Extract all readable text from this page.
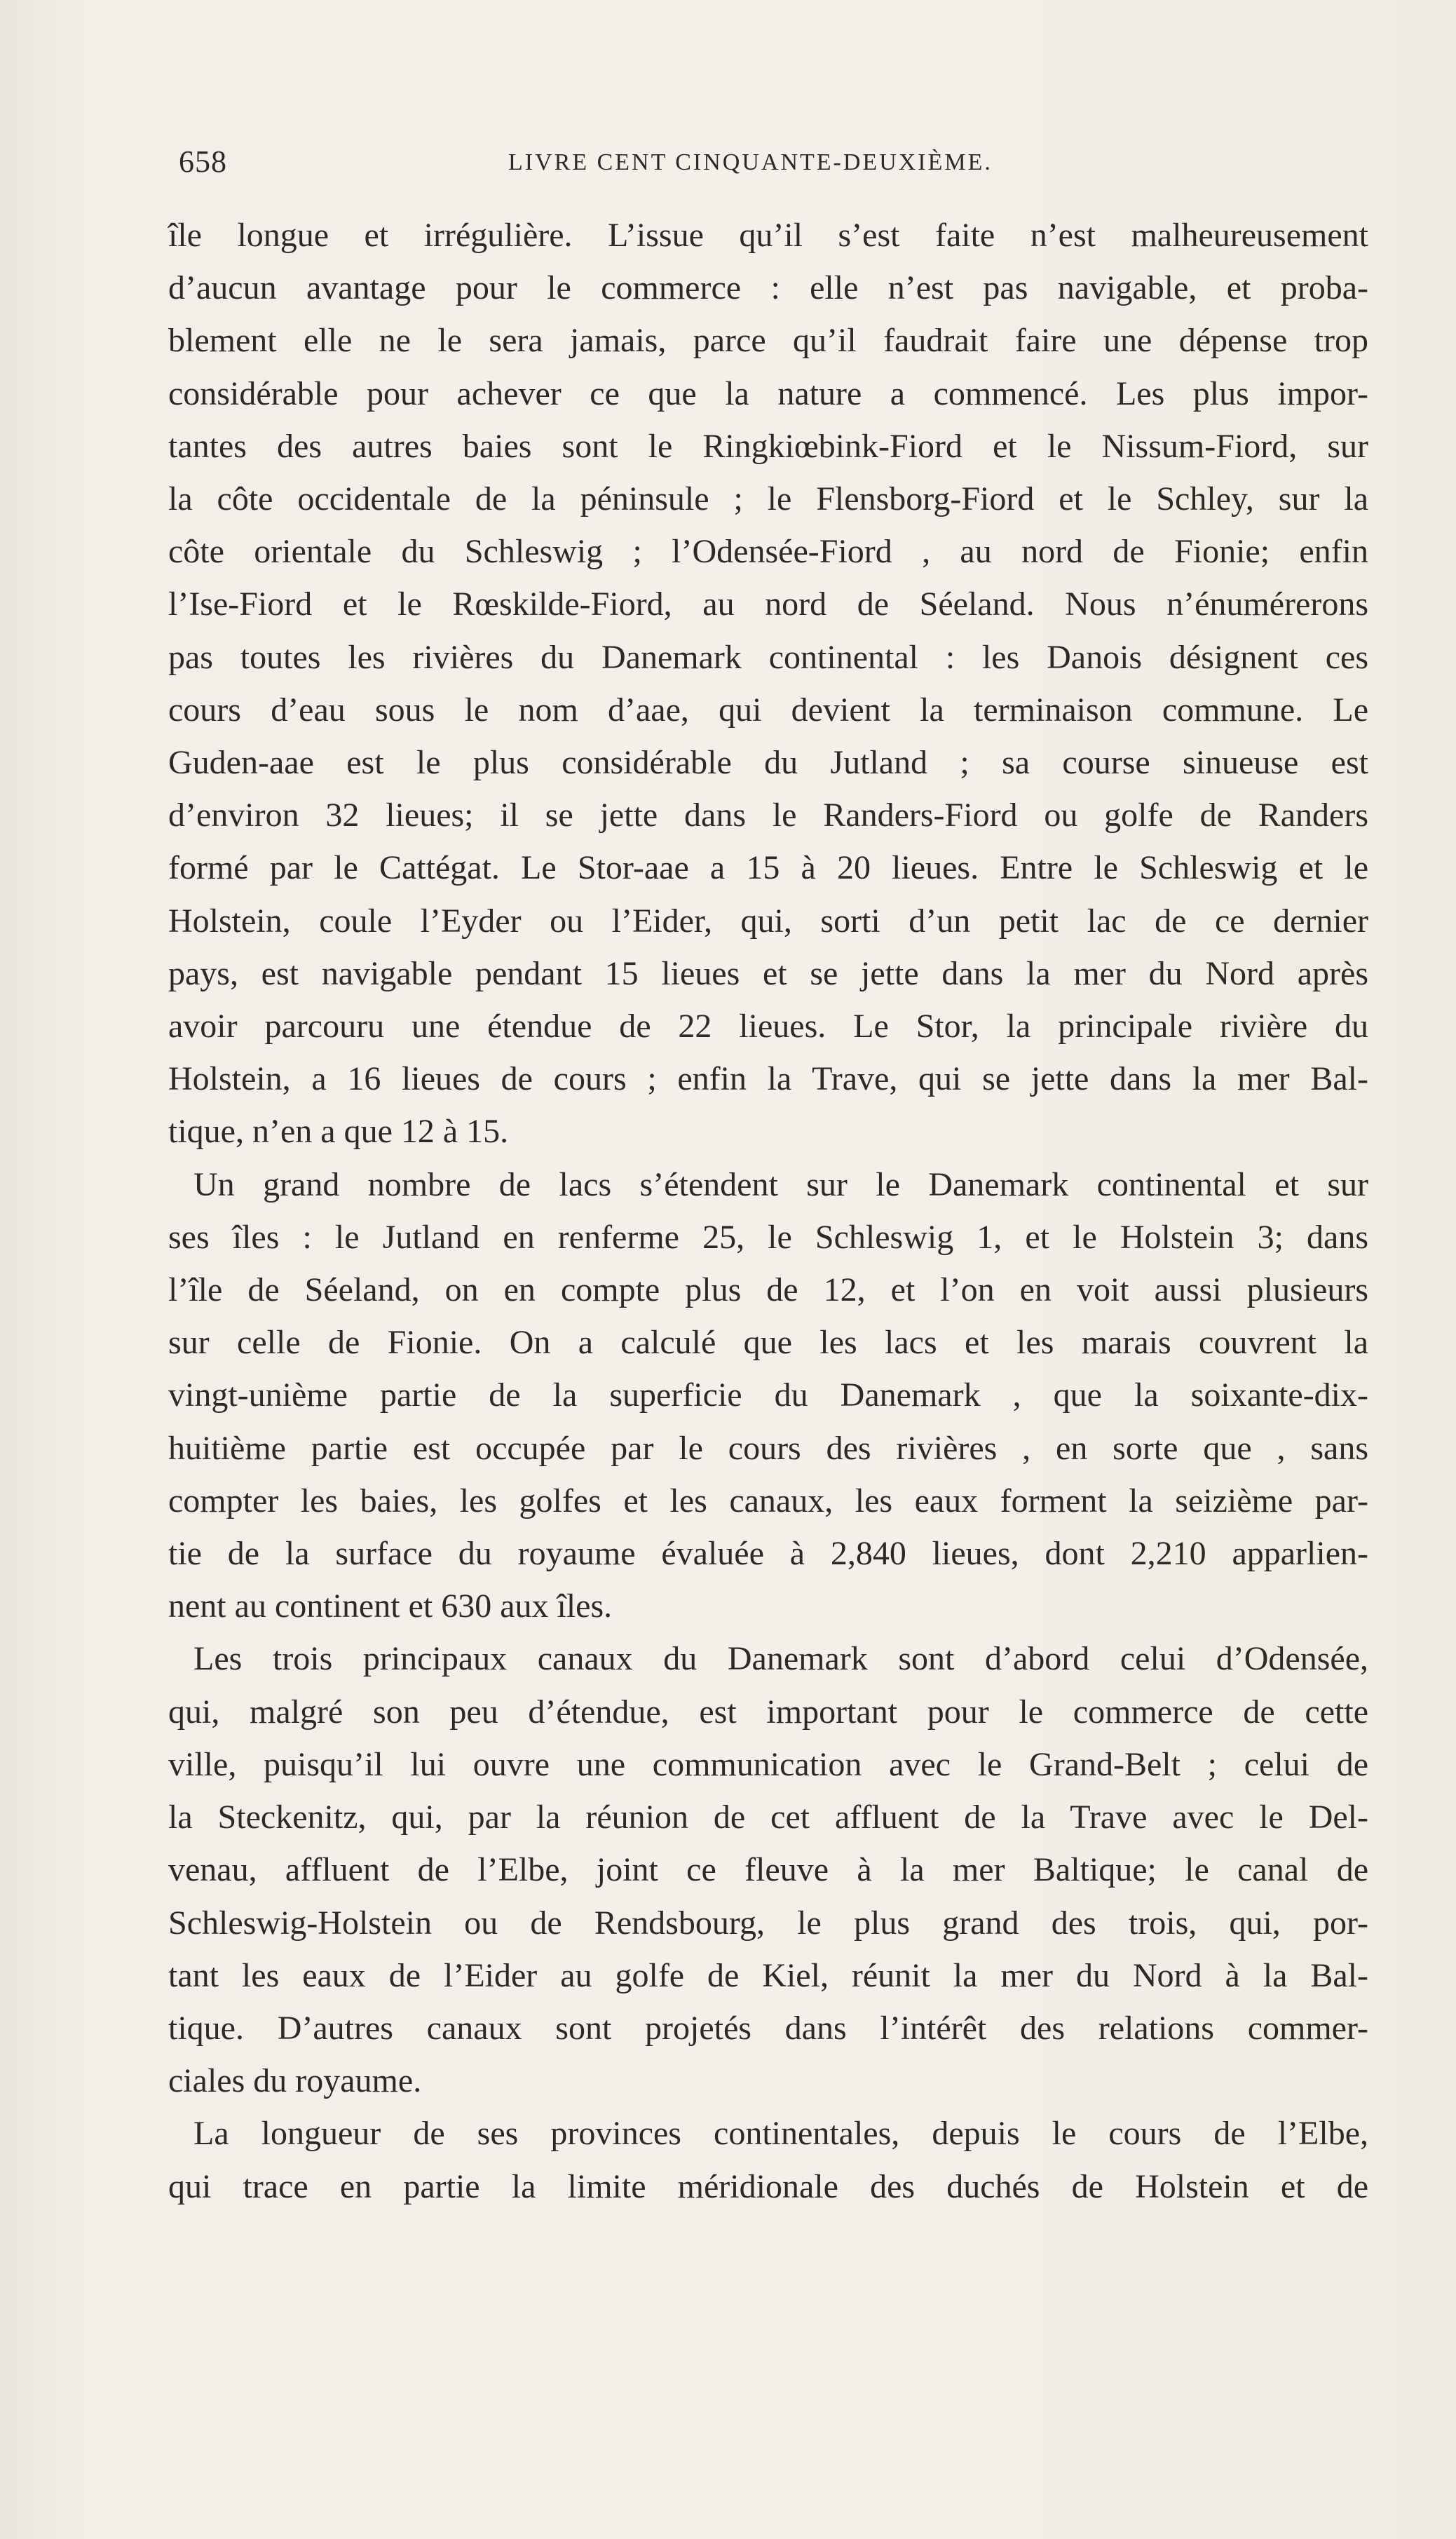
658	LIVRE CENT CINQUANTE-DEUXIÈME.
île longue et irrégulière. L’issue qu’il s’est faite n’est malheureusement
d’aucun avantage pour le commerce : elle n’est pas navigable, et proba-
blement elle ne le sera jamais, parce qu’il faudrait faire une dépense trop
considérable pour achever ce que la nature a commencé. Les plus impor-
tantes des autres baies sont le Ringkiœbink-Fiord et le Nissum-Fiord, sur
la côte occidentale de la péninsule ; le Flensborg-Fiord et le Schley, sur la
côte orientale du Schleswig ; l’Odensée-Fiord , au nord de Fionie; enfin
l’Ise-Fiord et le Rœskilde-Fiord, au nord de Séeland. Nous n’énumérerons
pas toutes les rivières du Danemark continental : les Danois désignent ces
cours d’eau sous le nom d’aae, qui devient la terminaison commune. Le
Guden-aae est le plus considérable du Jutland ; sa course sinueuse est
d’environ 32 lieues; il se jette dans le Randers-Fiord ou golfe de Randers
formé par le Cattégat. Le Stor-aae a 15 à 20 lieues. Entre le Schleswig et le
Holstein, coule l’Eyder ou l’Eider, qui, sorti d’un petit lac de ce dernier
pays, est navigable pendant 15 lieues et se jette dans la mer du Nord après
avoir parcouru une étendue de 22 lieues. Le Stor, la principale rivière du
Holstein, a 16 lieues de cours ; enfin la Trave, qui se jette dans la mer Bal-
tique, n’en a que 12 à 15.
Un grand nombre de lacs s’étendent sur le Danemark continental et sur
ses îles : le Jutland en renferme 25, le Schleswig 1, et le Holstein 3; dans
l’île de Séeland, on en compte plus de 12, et l’on en voit aussi plusieurs
sur celle de Fionie. On a calculé que les lacs et les marais couvrent la
vingt-unième partie de la superficie du Danemark , que la soixante-dix-
huitième partie est occupée par le cours des rivières , en sorte que , sans
compter les baies, les golfes et les canaux, les eaux forment la seizième par-
tie de la surface du royaume évaluée à 2,840 lieues, dont 2,210 apparlien-
nent au continent et 630 aux îles.
Les trois principaux canaux du Danemark sont d’abord celui d’Odensée,
qui, malgré son peu d’étendue, est important pour le commerce de cette
ville, puisqu’il lui ouvre une communication avec le Grand-Belt ; celui de
la Steckenitz, qui, par la réunion de cet affluent de la Trave avec le Del-
venau, affluent de l’Elbe, joint ce fleuve à la mer Baltique; le canal de
Schleswig-Holstein ou de Rendsbourg, le plus grand des trois, qui, por-
tant les eaux de l’Eider au golfe de Kiel, réunit la mer du Nord à la Bal-
tique. D’autres canaux sont projetés dans l’intérêt des relations commer-
ciales du royaume.
La longueur de ses provinces continentales, depuis le cours de l’Elbe,
qui trace en partie la limite méridionale des duchés de Holstein et de
